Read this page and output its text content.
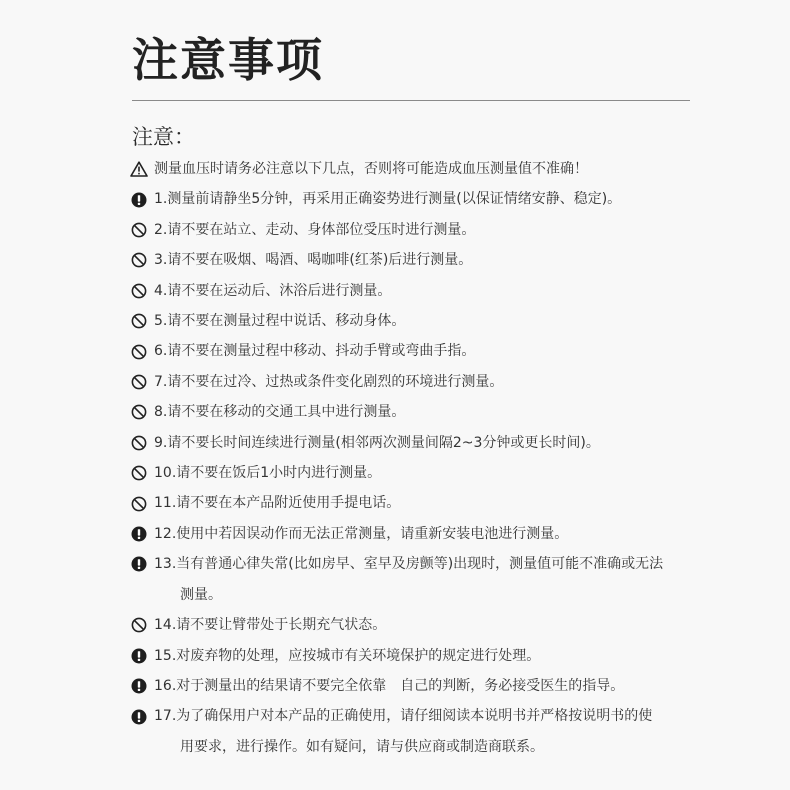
注意事项
注意：
测量血压时请务必注意以下几点，否则将可能造成血压测量值不准确！
1.测量前请静坐5分钟，再采用正确姿势进行测量(以保证情绪安静、稳定)。
2.请不要在站立、走动、身体部位受压时进行测量。
3.请不要在吸烟、喝酒、喝咖啡(红茶)后进行测量。
4.请不要在运动后、沐浴后进行测量。
5.请不要在测量过程中说话、移动身体。
6.请不要在测量过程中移动、抖动手臂或弯曲手指。
7.请不要在过冷、过热或条件变化剧烈的环境进行测量。
8.请不要在移动的交通工具中进行测量。
9.请不要长时间连续进行测量(相邻两次测量间隔2~3分钟或更长时间)。
10.请不要在饭后1小时内进行测量。
11.请不要在本产品附近使用手提电话。
12.使用中若因误动作而无法正常测量，请重新安装电池进行测量。
13.当有普通心律失常(比如房早、室早及房颤等)出现时，测量值可能不准确或无法
测量。
14.请不要让臂带处于长期充气状态。
15.对废弃物的处理，应按城市有关环境保护的规定进行处理。
16.对于测量出的结果请不要完全依靠　自己的判断，务必接受医生的指导。
17.为了确保用户对本产品的正确使用，请仔细阅读本说明书并严格按说明书的使
用要求，进行操作。如有疑问，请与供应商或制造商联系。
